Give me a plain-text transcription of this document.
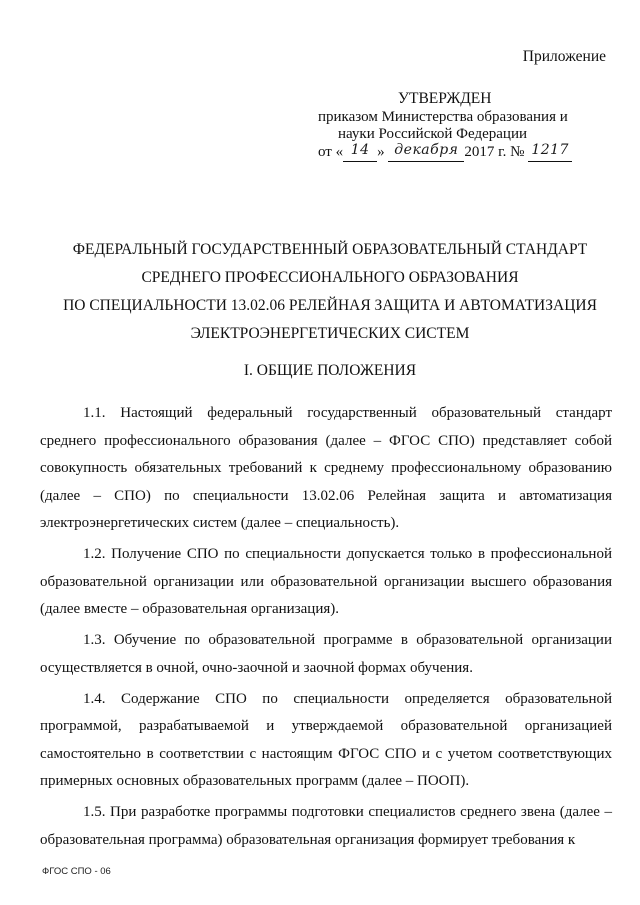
Приложение
УТВЕРЖДЕН
приказом Министерства образования и
науки Российской Федерации
от « 14 » декабря 2017 г. № 1217
ФЕДЕРАЛЬНЫЙ ГОСУДАРСТВЕННЫЙ ОБРАЗОВАТЕЛЬНЫЙ СТАНДАРТ
СРЕДНЕГО ПРОФЕССИОНАЛЬНОГО ОБРАЗОВАНИЯ
ПО СПЕЦИАЛЬНОСТИ 13.02.06 РЕЛЕЙНАЯ ЗАЩИТА И АВТОМАТИЗАЦИЯ
ЭЛЕКТРОЭНЕРГЕТИЧЕСКИХ СИСТЕМ
I. ОБЩИЕ ПОЛОЖЕНИЯ

1.1. Настоящий федеральный государственный образовательный стандарт среднего профессионального образования (далее – ФГОС СПО) представляет собой совокупность обязательных требований к среднему профессиональному образованию (далее – СПО) по специальности 13.02.06 Релейная защита и автоматизация электроэнергетических систем (далее – специальность).

1.2. Получение СПО по специальности допускается только в профессиональной образовательной организации или образовательной организации высшего образования (далее вместе – образовательная организация).

1.3. Обучение по образовательной программе в образовательной организации осуществляется в очной, очно-заочной и заочной формах обучения.

1.4. Содержание СПО по специальности определяется образовательной программой, разрабатываемой и утверждаемой образовательной организацией самостоятельно в соответствии с настоящим ФГОС СПО и с учетом соответствующих примерных основных образовательных программ (далее – ПООП).

1.5. При разработке программы подготовки специалистов среднего звена (далее – образовательная программа) образовательная организация формирует требования к

ФГОС СПО - 06
